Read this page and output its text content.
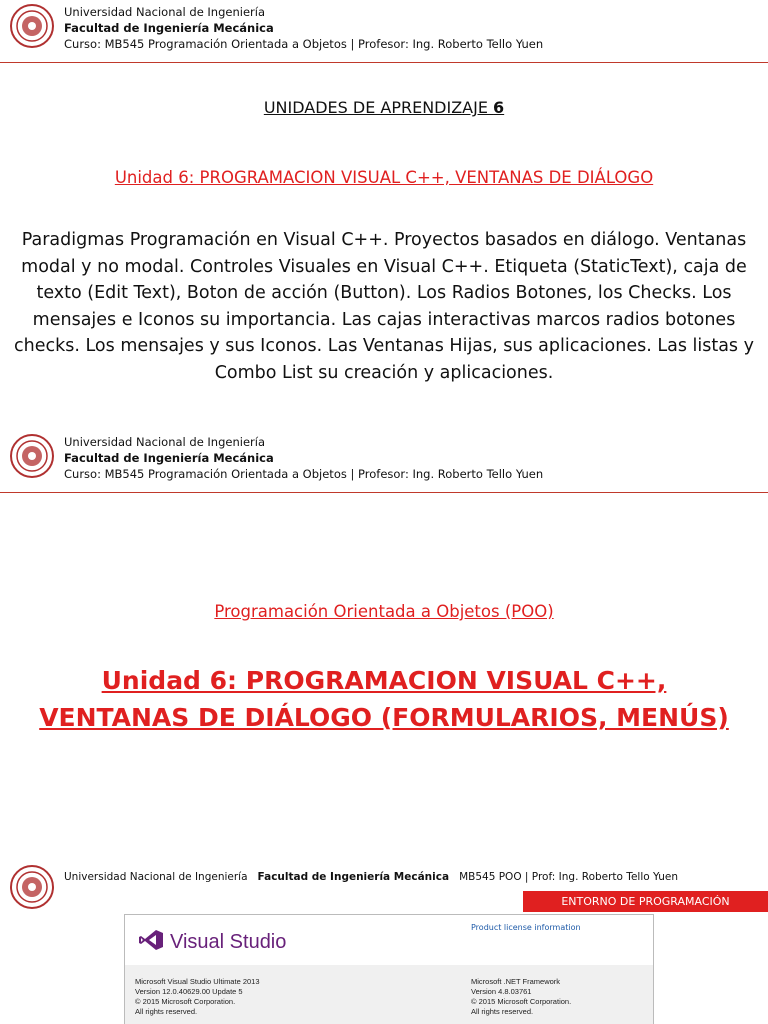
Universidad Nacional de Ingeniería
Facultad de Ingeniería Mecánica
Curso: MB545 Programación Orientada a Objetos | Profesor: Ing. Roberto Tello Yuen
UNIDADES DE APRENDIZAJE 6
Unidad 6: PROGRAMACION VISUAL C++, VENTANAS DE DIÁLOGO
Paradigmas Programación en Visual C++. Proyectos basados en diálogo. Ventanas modal y no modal. Controles Visuales en Visual C++. Etiqueta (StaticText), caja de texto (Edit Text), Boton de acción (Button). Los Radios Botones, los Checks. Los mensajes e Iconos su importancia. Las cajas interactivas marcos radios botones checks. Los mensajes y sus Iconos. Las Ventanas Hijas, sus aplicaciones. Las listas y Combo List su creación y aplicaciones.
Universidad Nacional de Ingeniería
Facultad de Ingeniería Mecánica
Curso: MB545 Programación Orientada a Objetos | Profesor: Ing. Roberto Tello Yuen
Programación Orientada a Objetos (POO)
Unidad 6: PROGRAMACION VISUAL C++,
VENTANAS DE DIÁLOGO (FORMULARIOS, MENÚS)
Universidad Nacional de Ingeniería Facultad de Ingeniería Mecánica MB545 POO | Prof: Ing. Roberto Tello Yuen
ENTORNO DE PROGRAMACIÓN
Visual Studio
Product license information
Microsoft Visual Studio Ultimate 2013
Version 12.0.40629.00 Update 5
© 2015 Microsoft Corporation.
All rights reserved.
Microsoft .NET Framework
Version 4.8.03761
© 2015 Microsoft Corporation.
All rights reserved.
